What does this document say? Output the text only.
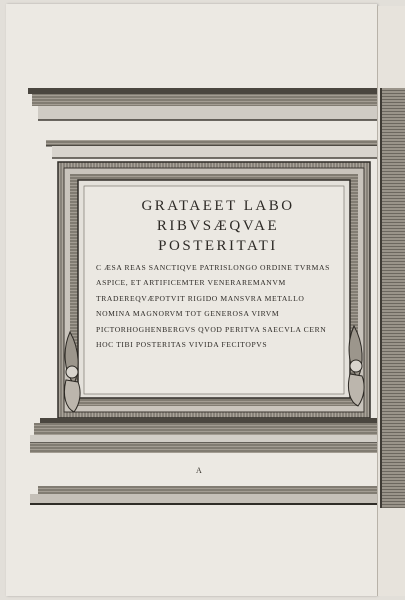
GRATAEET LABO

RIBVSÆQVAE

POSTERITATI

C ÆSA REAS SANCTIQVE PATRISLONGO ORDINE TVRMAS
ASPICE, ET ARTIFICEMTER VENERAREMANVM
TRADEREQVÆPOTVIT RIGIDO MANSVRA METALLO
NOMINA MAGNORVM TOT GENEROSA VIRVM
PICTORHOGHENBERGVS QVOD PERITVA SAECVLA CERN
HOC TIBI POSTERITAS VIVIDA FECITOPVS
A
